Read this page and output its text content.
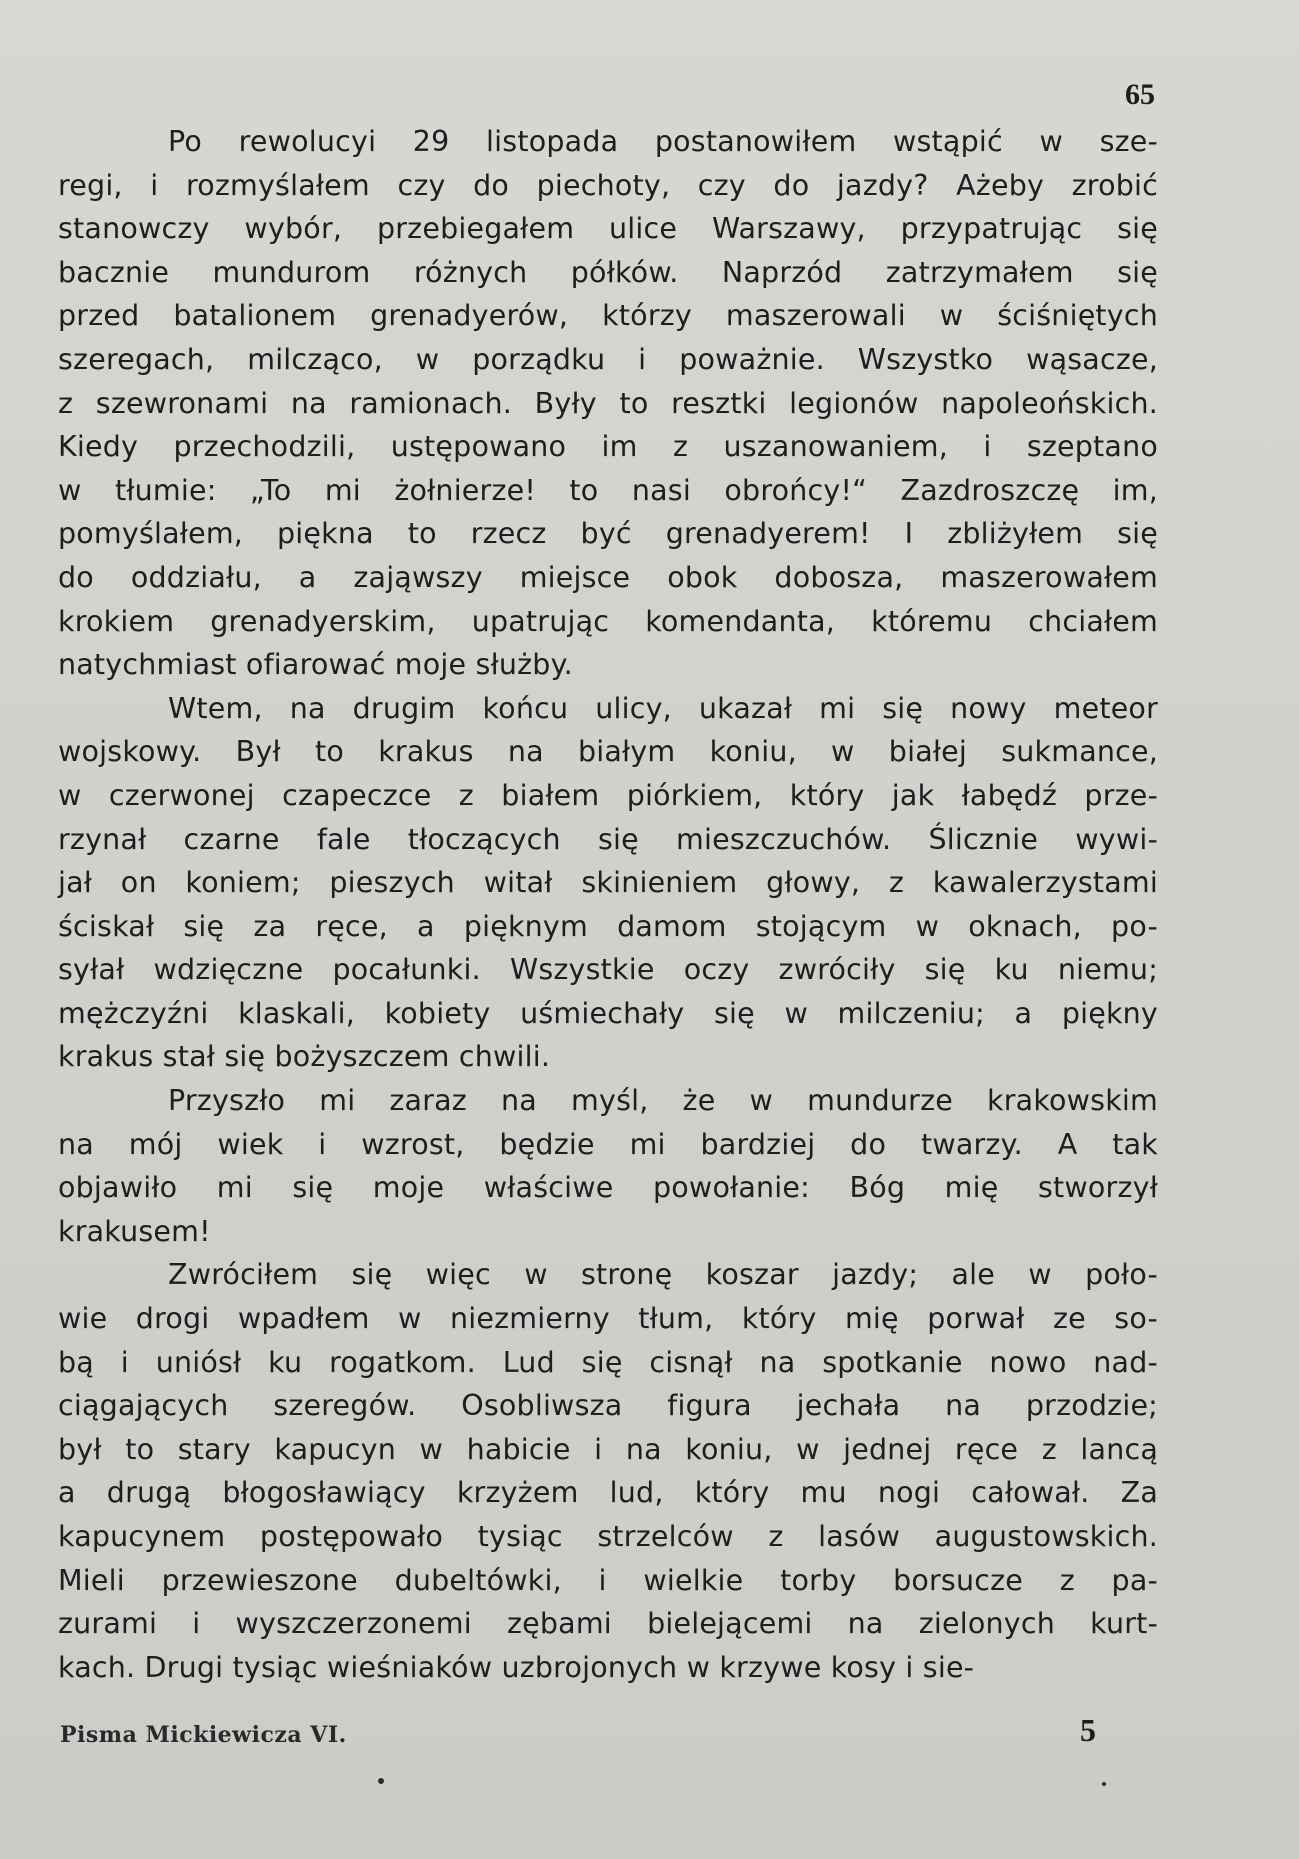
65
Po rewolucyi 29 listopada postanowiłem wstąpić w sze-
regi, i rozmyślałem czy do piechoty, czy do jazdy? Ażeby zrobić
stanowczy wybór, przebiegałem ulice Warszawy, przypatrując się
bacznie mundurom różnych półków. Naprzód zatrzymałem się
przed batalionem grenadyerów, którzy maszerowali w ściśniętych
szeregach, milcząco, w porządku i poważnie. Wszystko wąsacze,
z szewronami na ramionach. Były to resztki legionów napoleońskich.
Kiedy przechodzili, ustępowano im z uszanowaniem, i szeptano
w tłumie: „To mi żołnierze! to nasi obrońcy!“ Zazdroszczę im,
pomyślałem, piękna to rzecz być grenadyerem! I zbliżyłem się
do oddziału, a zająwszy miejsce obok dobosza, maszerowałem
krokiem grenadyerskim, upatrując komendanta, któremu chciałem
natychmiast ofiarować moje służby.
Wtem, na drugim końcu ulicy, ukazał mi się nowy meteor
wojskowy. Był to krakus na białym koniu, w białej sukmance,
w czerwonej czapeczce z białem piórkiem, który jak łabędź prze-
rzynał czarne fale tłoczących się mieszczuchów. Ślicznie wywi-
jał on koniem; pieszych witał skinieniem głowy, z kawalerzystami
ściskał się za ręce, a pięknym damom stojącym w oknach, po-
syłał wdzięczne pocałunki. Wszystkie oczy zwróciły się ku niemu;
mężczyźni klaskali, kobiety uśmiechały się w milczeniu; a piękny
krakus stał się bożyszczem chwili.
Przyszło mi zaraz na myśl, że w mundurze krakowskim
na mój wiek i wzrost, będzie mi bardziej do twarzy. A tak
objawiło mi się moje właściwe powołanie: Bóg mię stworzył
krakusem!
Zwróciłem się więc w stronę koszar jazdy; ale w poło-
wie drogi wpadłem w niezmierny tłum, który mię porwał ze so-
bą i uniósł ku rogatkom. Lud się cisnął na spotkanie nowo nad-
ciągających szeregów. Osobliwsza figura jechała na przodzie;
był to stary kapucyn w habicie i na koniu, w jednej ręce z lancą
a drugą błogosławiący krzyżem lud, który mu nogi całował. Za
kapucynem postępowało tysiąc strzelców z lasów augustowskich.
Mieli przewieszone dubeltówki, i wielkie torby borsucze z pa-
zurami i wyszczerzonemi zębami bielejącemi na zielonych kurt-
kach. Drugi tysiąc wieśniaków uzbrojonych w krzywe kosy i sie-
Pisma Mickiewicza VI.	5
